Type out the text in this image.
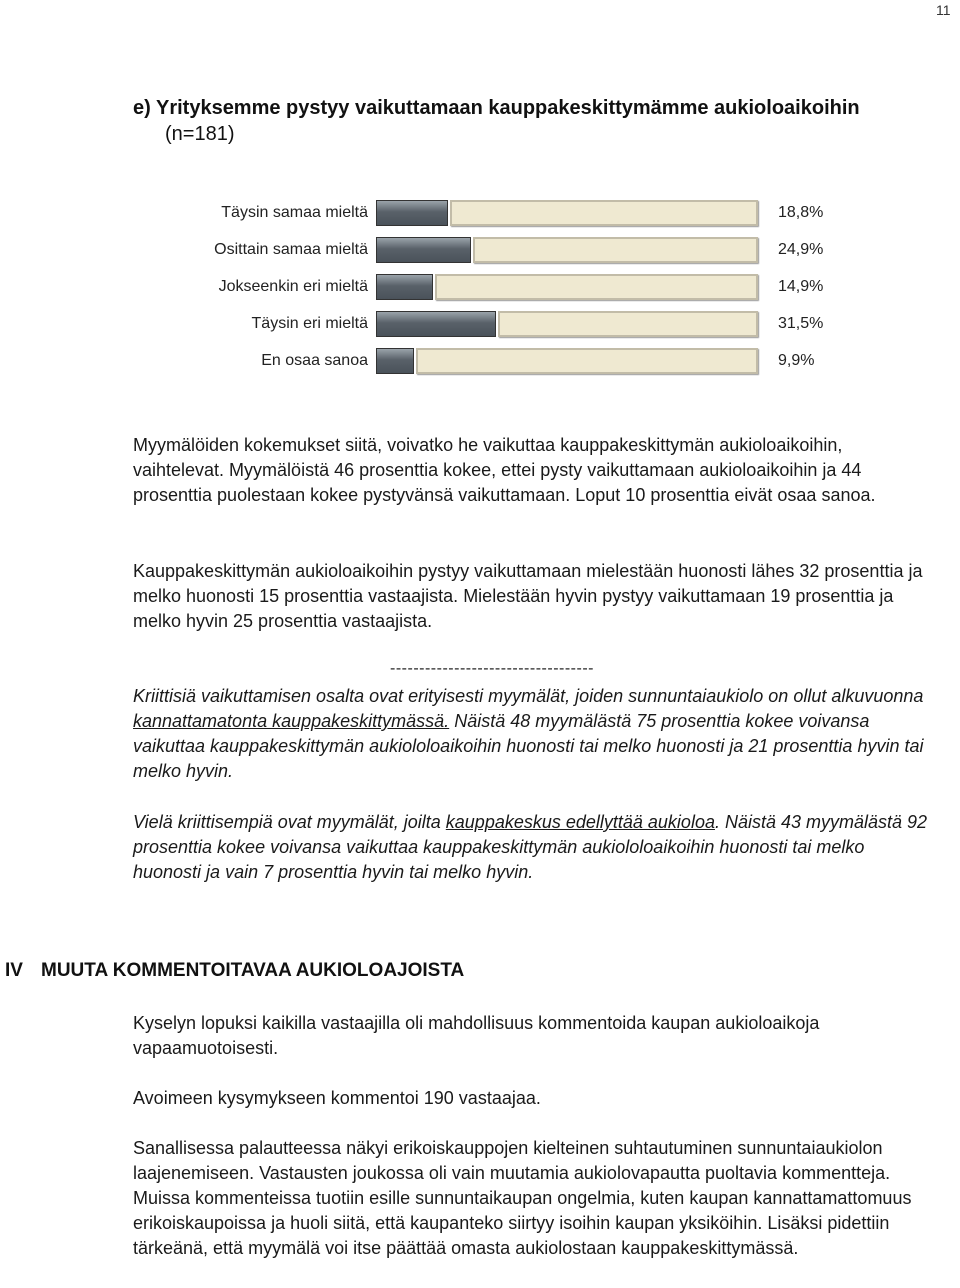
11
e) Yrityksemme pystyy vaikuttamaan kauppakeskittymämme aukioloaikoihin
(n=181)
Täysin samaa mieltä	18,8%
Osittain samaa mieltä	24,9%
Jokseenkin eri mieltä	14,9%
Täysin eri mieltä	31,5%
En osaa sanoa	9,9%

Myymälöiden kokemukset siitä, voivatko he vaikuttaa kauppakeskittymän aukioloaikoihin, vaihtelevat. Myymälöistä 46 prosenttia kokee, ettei pysty vaikuttamaan aukioloaikoihin ja 44 prosenttia puolestaan kokee pystyvänsä vaikuttamaan. Loput 10 prosenttia eivät osaa sanoa.

Kauppakeskittymän aukioloaikoihin pystyy vaikuttamaan mielestään huonosti lähes 32 prosenttia ja melko huonosti 15 prosenttia vastaajista. Mielestään hyvin pystyy vaikuttamaan 19 prosenttia ja melko hyvin 25 prosenttia vastaajista.

-----------------------------------

Kriittisiä vaikuttamisen osalta ovat erityisesti myymälät, joiden sunnuntaiaukiolo on ollut alkuvuonna kannattamatonta kauppakeskittymässä. Näistä 48 myymälästä 75 prosenttia kokee voivansa vaikuttaa kauppakeskittymän aukiololoaikoihin huonosti tai melko huonosti ja 21 prosenttia hyvin tai melko hyvin.

Vielä kriittisempiä ovat myymälät, joilta kauppakeskus edellyttää aukioloa. Näistä 43 myymälästä 92 prosenttia kokee voivansa vaikuttaa kauppakeskittymän aukiololoaikoihin huonosti tai melko huonosti ja vain 7 prosenttia hyvin tai melko hyvin.

IV MUUTA KOMMENTOITAVAA AUKIOLOAJOISTA

Kyselyn lopuksi kaikilla vastaajilla oli mahdollisuus kommentoida kaupan aukioloaikoja vapaamuotoisesti.

Avoimeen kysymykseen kommentoi 190 vastaajaa.

Sanallisessa palautteessa näkyi erikoiskauppojen kielteinen suhtautuminen sunnuntaiaukiolon laajenemiseen. Vastausten joukossa oli vain muutamia aukiolovapautta puoltavia kommentteja. Muissa kommenteissa tuotiin esille sunnuntaikaupan ongelmia, kuten kaupan kannattamattomuus erikoiskaupoissa ja huoli siitä, että kaupanteko siirtyy isoihin kaupan yksiköihin. Lisäksi pidettiin tärkeänä, että myymälä voi itse päättää omasta aukiolostaan kauppakeskittymässä.
